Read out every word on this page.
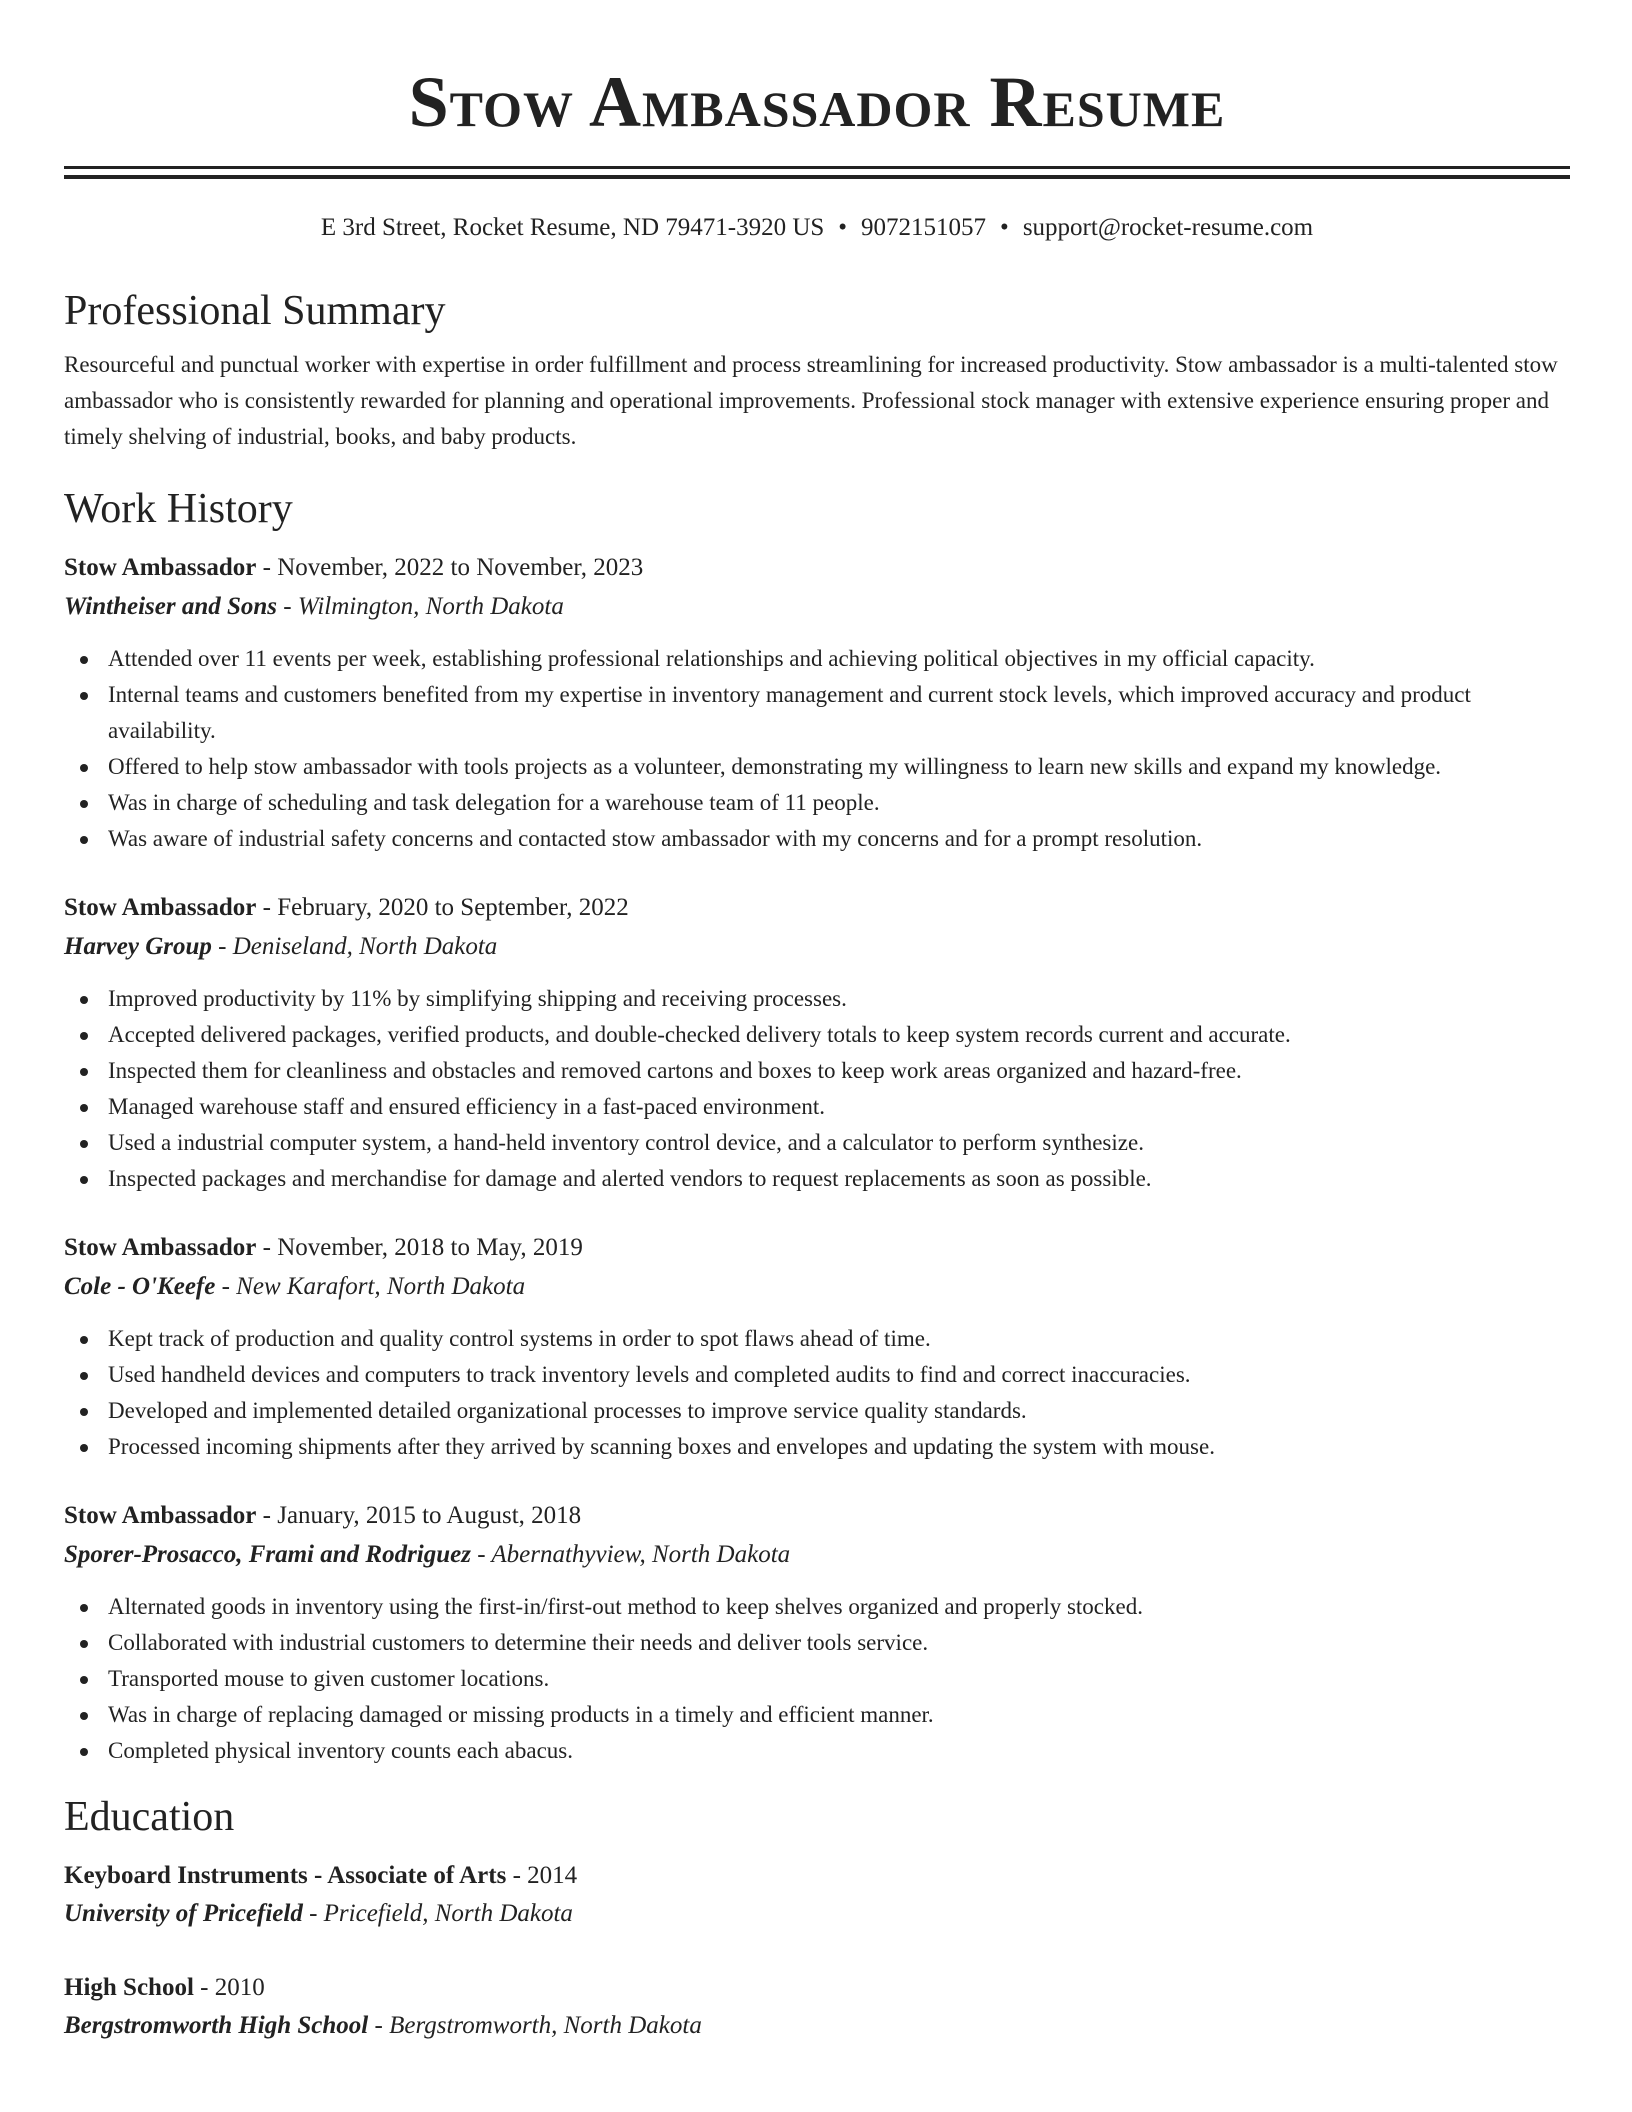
Stow Ambassador Resume
E 3rd Street, Rocket Resume, ND 79471-3920 US • 9072151057 • support@rocket-resume.com
Professional Summary

Resourceful and punctual worker with expertise in order fulfillment and process streamlining for increased productivity. Stow ambassador is a multi-talented stow ambassador who is consistently rewarded for planning and operational improvements. Professional stock manager with extensive experience ensuring proper and timely shelving of industrial, books, and baby products.

Work History
Stow Ambassador - November, 2022 to November, 2023
Wintheiser and Sons - Wilmington, North Dakota
Attended over 11 events per week, establishing professional relationships and achieving political objectives in my official capacity.
Internal teams and customers benefited from my expertise in inventory management and current stock levels, which improved accuracy and product availability.
Offered to help stow ambassador with tools projects as a volunteer, demonstrating my willingness to learn new skills and expand my knowledge.
Was in charge of scheduling and task delegation for a warehouse team of 11 people.
Was aware of industrial safety concerns and contacted stow ambassador with my concerns and for a prompt resolution.
Stow Ambassador - February, 2020 to September, 2022
Harvey Group - Deniseland, North Dakota
Improved productivity by 11% by simplifying shipping and receiving processes.
Accepted delivered packages, verified products, and double-checked delivery totals to keep system records current and accurate.
Inspected them for cleanliness and obstacles and removed cartons and boxes to keep work areas organized and hazard-free.
Managed warehouse staff and ensured efficiency in a fast-paced environment.
Used a industrial computer system, a hand-held inventory control device, and a calculator to perform synthesize.
Inspected packages and merchandise for damage and alerted vendors to request replacements as soon as possible.
Stow Ambassador - November, 2018 to May, 2019
Cole - O'Keefe - New Karafort, North Dakota
Kept track of production and quality control systems in order to spot flaws ahead of time.
Used handheld devices and computers to track inventory levels and completed audits to find and correct inaccuracies.
Developed and implemented detailed organizational processes to improve service quality standards.
Processed incoming shipments after they arrived by scanning boxes and envelopes and updating the system with mouse.
Stow Ambassador - January, 2015 to August, 2018
Sporer-Prosacco, Frami and Rodriguez - Abernathyview, North Dakota
Alternated goods in inventory using the first-in/first-out method to keep shelves organized and properly stocked.
Collaborated with industrial customers to determine their needs and deliver tools service.
Transported mouse to given customer locations.
Was in charge of replacing damaged or missing products in a timely and efficient manner.
Completed physical inventory counts each abacus.
Education
Keyboard Instruments - Associate of Arts - 2014
University of Pricefield - Pricefield, North Dakota
High School - 2010
Bergstromworth High School - Bergstromworth, North Dakota
